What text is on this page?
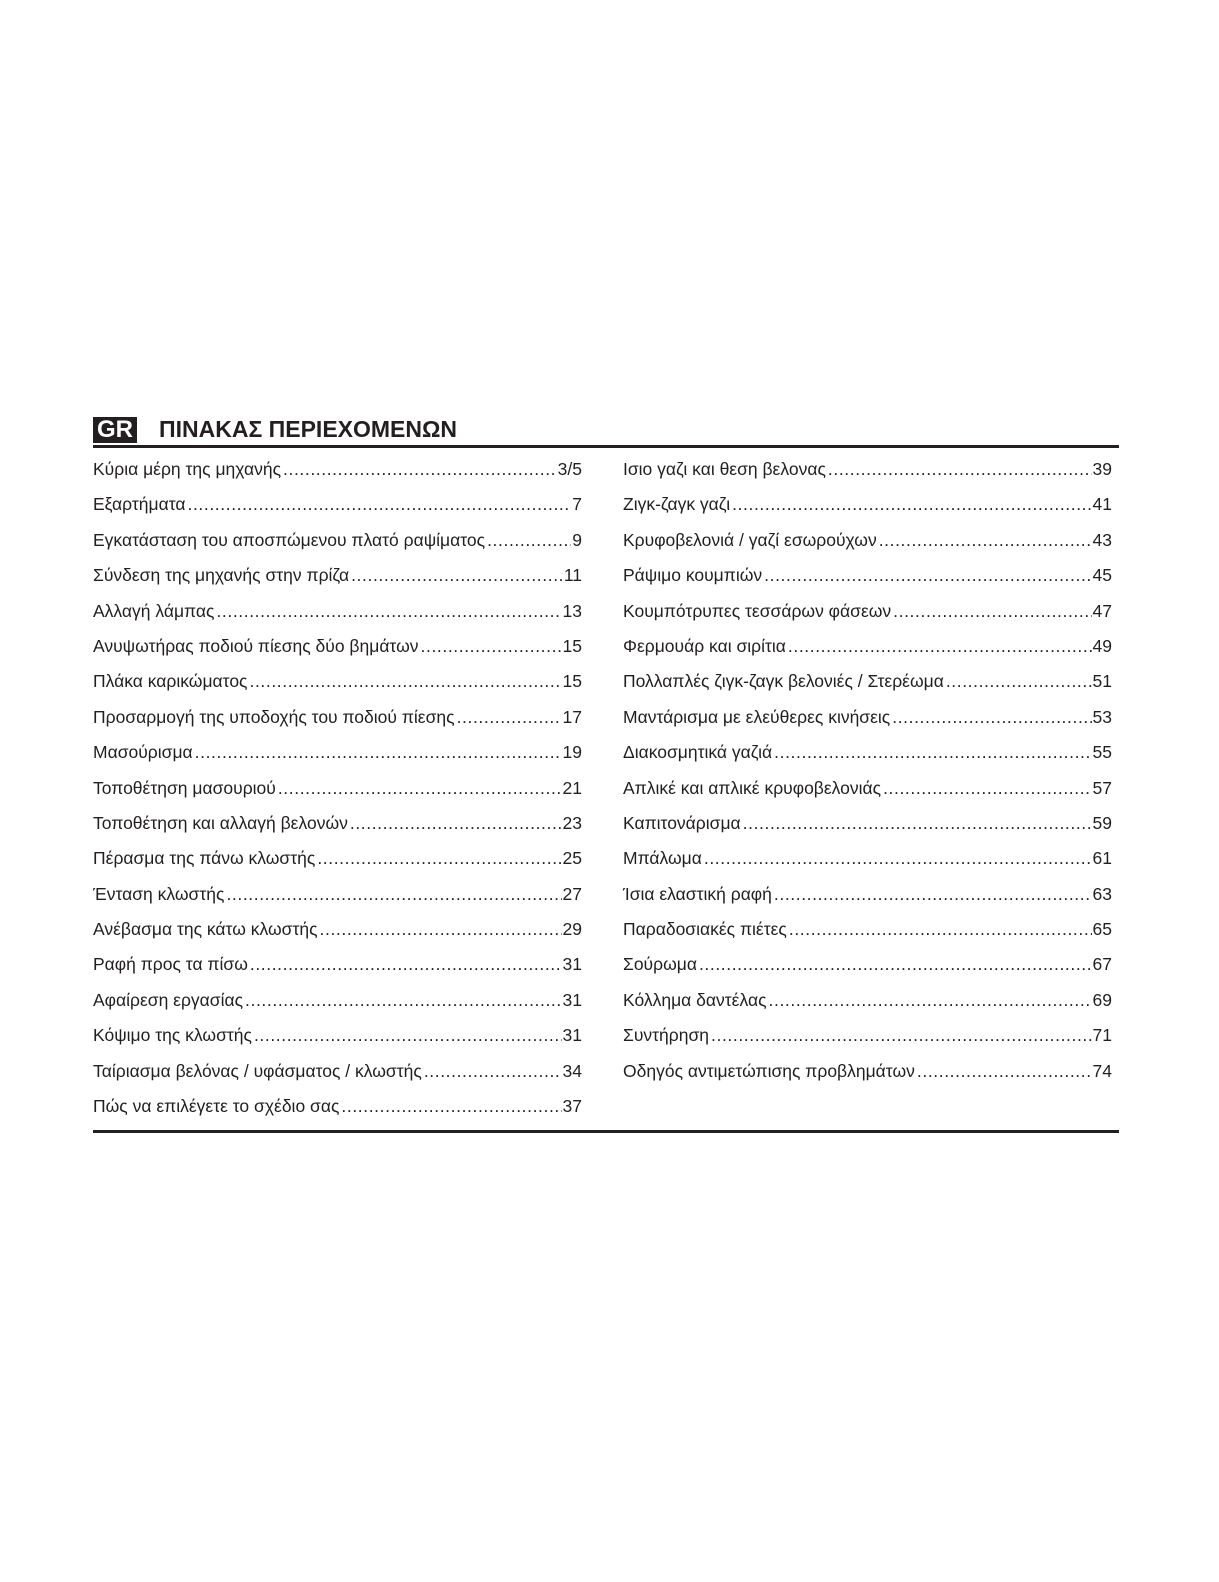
GR ΠΙΝΑΚΑΣ ΠΕΡΙΕΧΟΜΕΝΩΝ
Κύρια μέρη της μηχανής .....	3/5
Εξαρτήματα .....	7
Εγκατάσταση του αποσπώμενου πλατό ραψίματος .....	9
Σύνδεση της μηχανής στην πρίζα .....	11
Αλλαγή λάμπας .....	13
Ανυψωτήρας ποδιού πίεσης δύο βημάτων .....	15
Πλάκα καρικώματος .....	15
Προσαρμογή της υποδοχής του ποδιού πίεσης .....	17
Μασούρισμα .....	19
Τοποθέτηση μασουριού .....	21
Τοποθέτηση και αλλαγή βελονών .....	23
Πέρασμα της πάνω κλωστής .....	25
Ένταση κλωστής .....	27
Ανέβασμα της κάτω κλωστής .....	29
Ραφή προς τα πίσω .....	31
Αφαίρεση εργασίας .....	31
Κόψιμο της κλωστής .....	31
Ταίριασμα βελόνας / υφάσματος / κλωστής .....	34
Πώς να επιλέγετε το σχέδιο σας .....	37
Ισιο γαζι και θεση βελονας .....	39
Ζιγκ-ζαγκ γαζι .....	41
Κρυφοβελονιά / γαζί εσωρούχων .....	43
Ράψιμο κουμπιών .....	45
Κουμπότρυπες τεσσάρων φάσεων .....	47
Φερμουάρ και σιρίτια .....	49
Πολλαπλές ζιγκ-ζαγκ βελονιές / Στερέωμα .....	51
Μαντάρισμα με ελεύθερες κινήσεις .....	53
Διακοσμητικά γαζιά .....	55
Απλικέ και απλικέ κρυφοβελονιάς .....	57
Καπιτονάρισμα .....	59
Μπάλωμα .....	61
Ίσια ελαστική ραφή .....	63
Παραδοσιακές πιέτες .....	65
Σούρωμα .....	67
Κόλλημα δαντέλας .....	69
Συντήρηση .....	71
Οδηγός αντιμετώπισης προβλημάτων .....	74
